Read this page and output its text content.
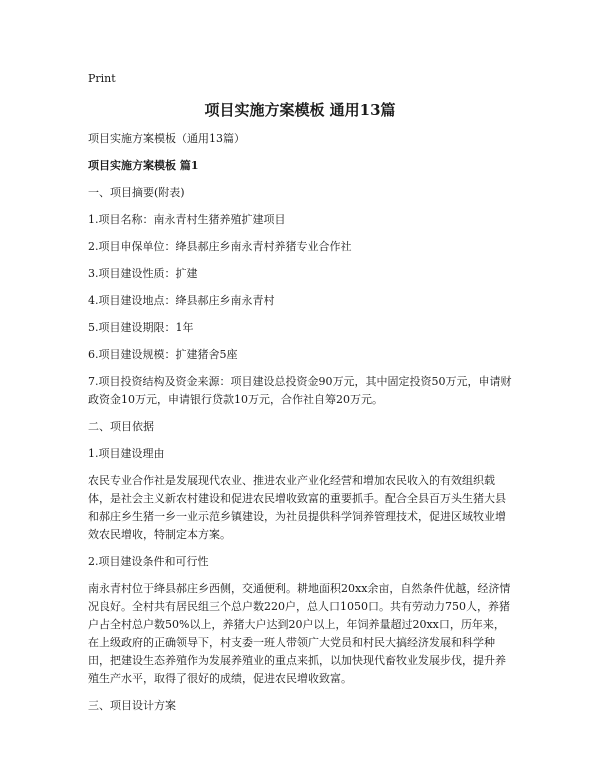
Print
项目实施方案模板 通用13篇

项目实施方案模板（通用13篇）

项目实施方案模板 篇1

一、项目摘要(附表)

1.项目名称：南永青村生猪养殖扩建项目

2.项目申保单位：绛县郝庄乡南永青村养猪专业合作社

3.项目建设性质：扩建

4.项目建设地点：绛县郝庄乡南永青村

5.项目建设期限：1年

6.项目建设规模：扩建猪舍5座

7.项目投资结构及资金来源：项目建设总投资金90万元，其中固定投资50万元，申请财政资金10万元，申请银行贷款10万元，合作社自筹20万元。

二、项目依据

1.项目建设理由

农民专业合作社是发展现代农业、推进农业产业化经营和增加农民收入的有效组织载体，是社会主义新农村建设和促进农民增收致富的重要抓手。配合全县百万头生猪大县和郝庄乡生猪一乡一业示范乡镇建设，为社员提供科学饲养管理技术，促进区域牧业增效农民增收，特制定本方案。

2.项目建设条件和可行性

南永青村位于绛县郝庄乡西侧，交通便利。耕地面积20xx余亩，自然条件优越，经济情况良好。全村共有居民组三个总户数220户，总人口1050口。共有劳动力750人，养猪户占全村总户数50%以上，养猪大户达到20户以上，年饲养量超过20xx口，历年来，在上级政府的正确领导下，村支委一班人带领广大党员和村民大搞经济发展和科学种田，把建设生态养殖作为发展养殖业的重点来抓，以加快现代畜牧业发展步伐，提升养殖生产水平，取得了很好的成绩，促进农民增收致富。

三、项目设计方案
